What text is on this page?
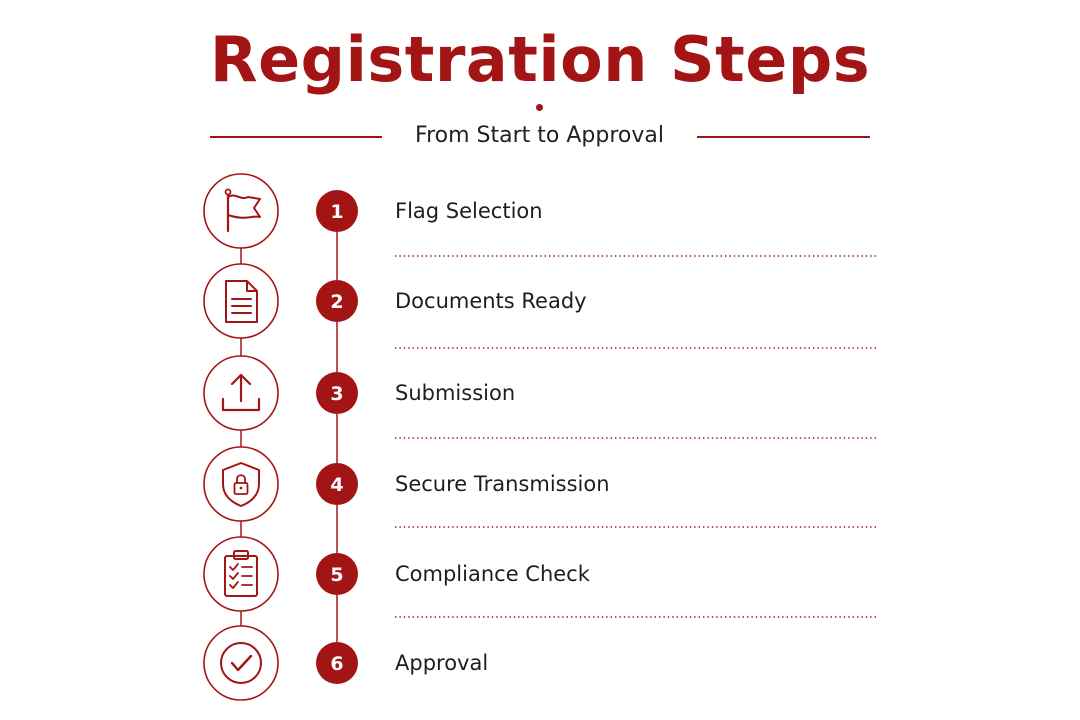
Registration Steps

From Start to Approval

1
2
3
4
5
6
Flag Selection
Documents Ready
Submission
Secure Transmission
Compliance Check
Approval
